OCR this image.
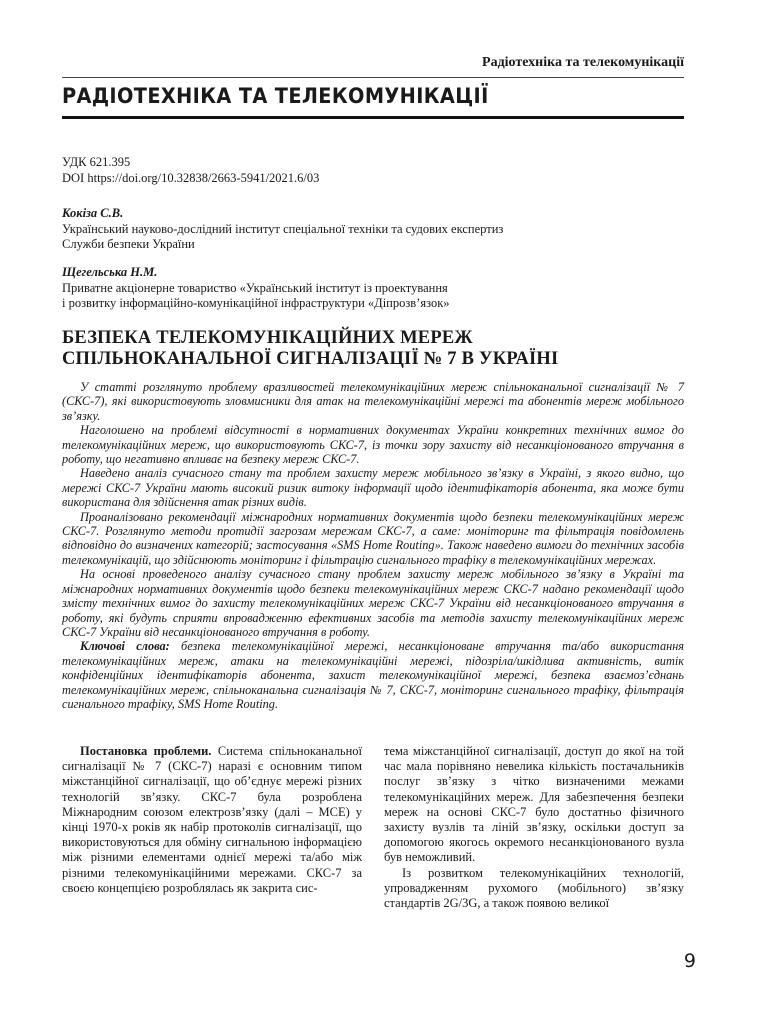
Радіотехніка та телекомунікації
РАДІОТЕХНІКА ТА ТЕЛЕКОМУНІКАЦІЇ
УДК 621.395
DOI https://doi.org/10.32838/2663-5941/2021.6/03
Кокіза С.В.
Український науково-дослідний інститут спеціальної техніки та судових експертиз
Служби безпеки України
Щегельська Н.М.
Приватне акціонерне товариство «Український інститут із проектування
і розвитку інформаційно-комунікаційної інфраструктури «Діпрозв’язок»
БЕЗПЕКА ТЕЛЕКОМУНІКАЦІЙНИХ МЕРЕЖ
СПІЛЬНОКАНАЛЬНОЇ СИГНАЛІЗАЦІЇ № 7 В УКРАЇНІ

У статті розглянуто проблему вразливостей телекомунікаційних мереж спільноканальної сигналізації № 7 (СКС-7), які використовують зловмисники для атак на телекомунікаційні мережі та абонентів мереж мобільного зв’язку.

Наголошено на проблемі відсутності в нормативних документах України конкретних технічних вимог до телекомунікаційних мереж, що використовують СКС-7, із точки зору захисту від несанкціонованого втручання в роботу, що негативно впливає на безпеку мереж СКС-7.

Наведено аналіз сучасного стану та проблем захисту мереж мобільного зв’язку в Україні, з якого видно, що мережі СКС-7 України мають високий ризик витоку інформації щодо ідентифікаторів абонента, яка може бути використана для здійснення атак різних видів.

Проаналізовано рекомендації міжнародних нормативних документів щодо безпеки телекомунікаційних мереж СКС-7. Розглянуто методи протидії загрозам мережам СКС-7, а саме: моніторинг та фільтрація повідомлень відповідно до визначених категорій; застосування «SMS Home Routing». Також наведено вимоги до технічних засобів телекомунікацій, що здійснюють моніторинг і фільтрацію сигнального трафіку в телекомунікаційних мережах.

На основі проведеного аналізу сучасного стану проблем захисту мереж мобільного зв’язку в Україні та міжнародних нормативних документів щодо безпеки телекомунікаційних мереж СКС-7 надано рекомендації щодо змісту технічних вимог до захисту телекомунікаційних мереж СКС-7 України від несанкціонованого втручання в роботу, які будуть сприяти впровадженню ефективних засобів та методів захисту телекомунікаційних мереж СКС-7 України від несанкціонованого втручання в роботу.

Ключові слова: безпека телекомунікаційної мережі, несанкціоноване втручання та/або використання телекомунікаційних мереж, атаки на телекомунікаційні мережі, підозріла/шкідлива активність, витік конфіденційних ідентифікаторів абонента, захист телекомунікаційної мережі, безпека взаємоз’єднань телекомунікаційних мереж, спільноканальна сигналізація № 7, СКС-7, моніторинг сигнального трафіку, фільтрація сигнального трафіку, SMS Home Routing.

Постановка проблеми. Система спільноканальної сигналізації № 7 (СКС-7) наразі є основним типом міжстанційної сигналізації, що об’єднує мережі різних технологій зв’язку. СКС-7 була розроблена Міжнародним союзом електрозв’язку (далі – МСЕ) у кінці 1970-х років як набір протоколів сигналізації, що використовуються для обміну сигнальною інформацією між різними елементами однієї мережі та/або між різними телекомунікаційними мережами. СКС-7 за своєю концепцією розроблялась як закрита сис-

тема міжстанційної сигналізації, доступ до якої на той час мала порівняно невелика кількість постачальників послуг зв’язку з чітко визначеними межами телекомунікаційних мереж. Для забезпечення безпеки мереж на основі СКС-7 було достатньо фізичного захисту вузлів та ліній зв’язку, оскільки доступ за допомогою якогось окремого несанкціонованого вузла був неможливий.

Із розвитком телекомунікаційних технологій, упровадженням рухомого (мобільного) зв’язку стандартів 2G/3G, а також появою великої

9
